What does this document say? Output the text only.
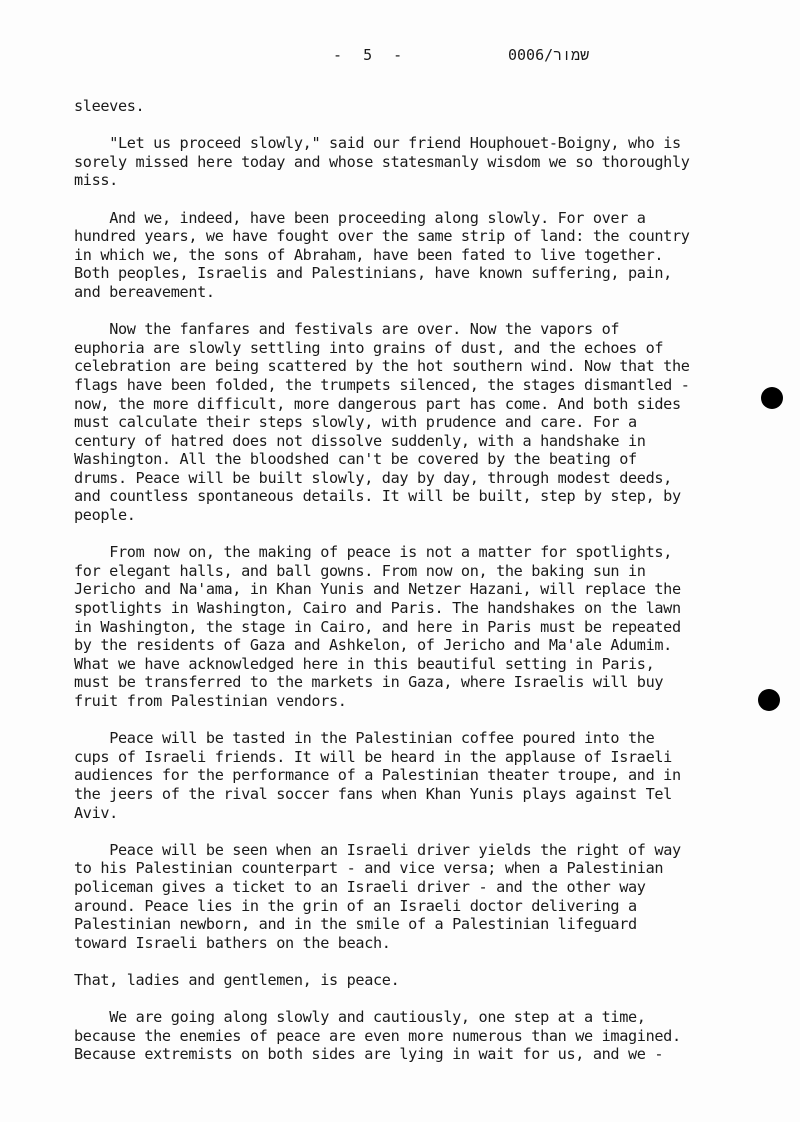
-  5  -	0006/שמור

sleeves.

"Let us proceed slowly," said our friend Houphouet-Boigny, who is
sorely missed here today and whose statesmanly wisdom we so thoroughly
miss.

And we, indeed, have been proceeding along slowly. For over a
hundred years, we have fought over the same strip of land: the country
in which we, the sons of Abraham, have been fated to live together.
Both peoples, Israelis and Palestinians, have known suffering, pain,
and bereavement.

Now the fanfares and festivals are over. Now the vapors of
euphoria are slowly settling into grains of dust, and the echoes of
celebration are being scattered by the hot southern wind. Now that the
flags have been folded, the trumpets silenced, the stages dismantled -
now, the more difficult, more dangerous part has come. And both sides
must calculate their steps slowly, with prudence and care. For a
century of hatred does not dissolve suddenly, with a handshake in
Washington. All the bloodshed can't be covered by the beating of
drums. Peace will be built slowly, day by day, through modest deeds,
and countless spontaneous details. It will be built, step by step, by
people.

From now on, the making of peace is not a matter for spotlights,
for elegant halls, and ball gowns. From now on, the baking sun in
Jericho and Na'ama, in Khan Yunis and Netzer Hazani, will replace the
spotlights in Washington, Cairo and Paris. The handshakes on the lawn
in Washington, the stage in Cairo, and here in Paris must be repeated
by the residents of Gaza and Ashkelon, of Jericho and Ma'ale Adumim.
What we have acknowledged here in this beautiful setting in Paris,
must be transferred to the markets in Gaza, where Israelis will buy
fruit from Palestinian vendors.

Peace will be tasted in the Palestinian coffee poured into the
cups of Israeli friends. It will be heard in the applause of Israeli
audiences for the performance of a Palestinian theater troupe, and in
the jeers of the rival soccer fans when Khan Yunis plays against Tel
Aviv.

Peace will be seen when an Israeli driver yields the right of way
to his Palestinian counterpart - and vice versa; when a Palestinian
policeman gives a ticket to an Israeli driver - and the other way
around. Peace lies in the grin of an Israeli doctor delivering a
Palestinian newborn, and in the smile of a Palestinian lifeguard
toward Israeli bathers on the beach.

That, ladies and gentlemen, is peace.

We are going along slowly and cautiously, one step at a time,
because the enemies of peace are even more numerous than we imagined.
Because extremists on both sides are lying in wait for us, and we -
